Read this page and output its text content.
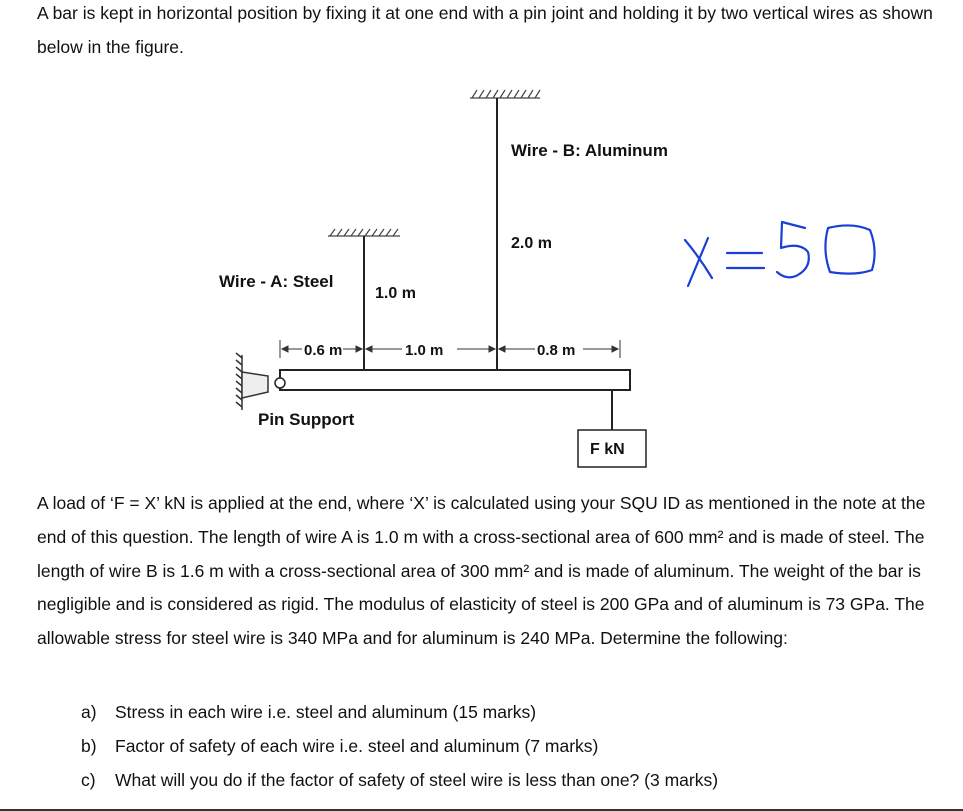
A bar is kept in horizontal position by fixing it at one end with a pin joint and holding it by two vertical wires as shown below in the figure.

Wire - B: Aluminum
2.0 m
Wire - A: Steel
1.0 m
0.6 m	1.0 m	0.8 m
Pin Support
F kN

A load of ‘F = X’ kN is applied at the end, where ‘X’ is calculated using your SQU ID as mentioned in the note at the end of this question. The length of wire A is 1.0 m with a cross-sectional area of 600 mm² and is made of steel. The length of wire B is 1.6 m with a cross-sectional area of 300 mm² and is made of aluminum. The weight of the bar is negligible and is considered as rigid. The modulus of elasticity of steel is 200 GPa and of aluminum is 73 GPa. The allowable stress for steel wire is 340 MPa and for aluminum is 240 MPa. Determine the following:

a)	Stress in each wire i.e. steel and aluminum (15 marks)
b)	Factor of safety of each wire i.e. steel and aluminum (7 marks)
c)	What will you do if the factor of safety of steel wire is less than one? (3 marks)
